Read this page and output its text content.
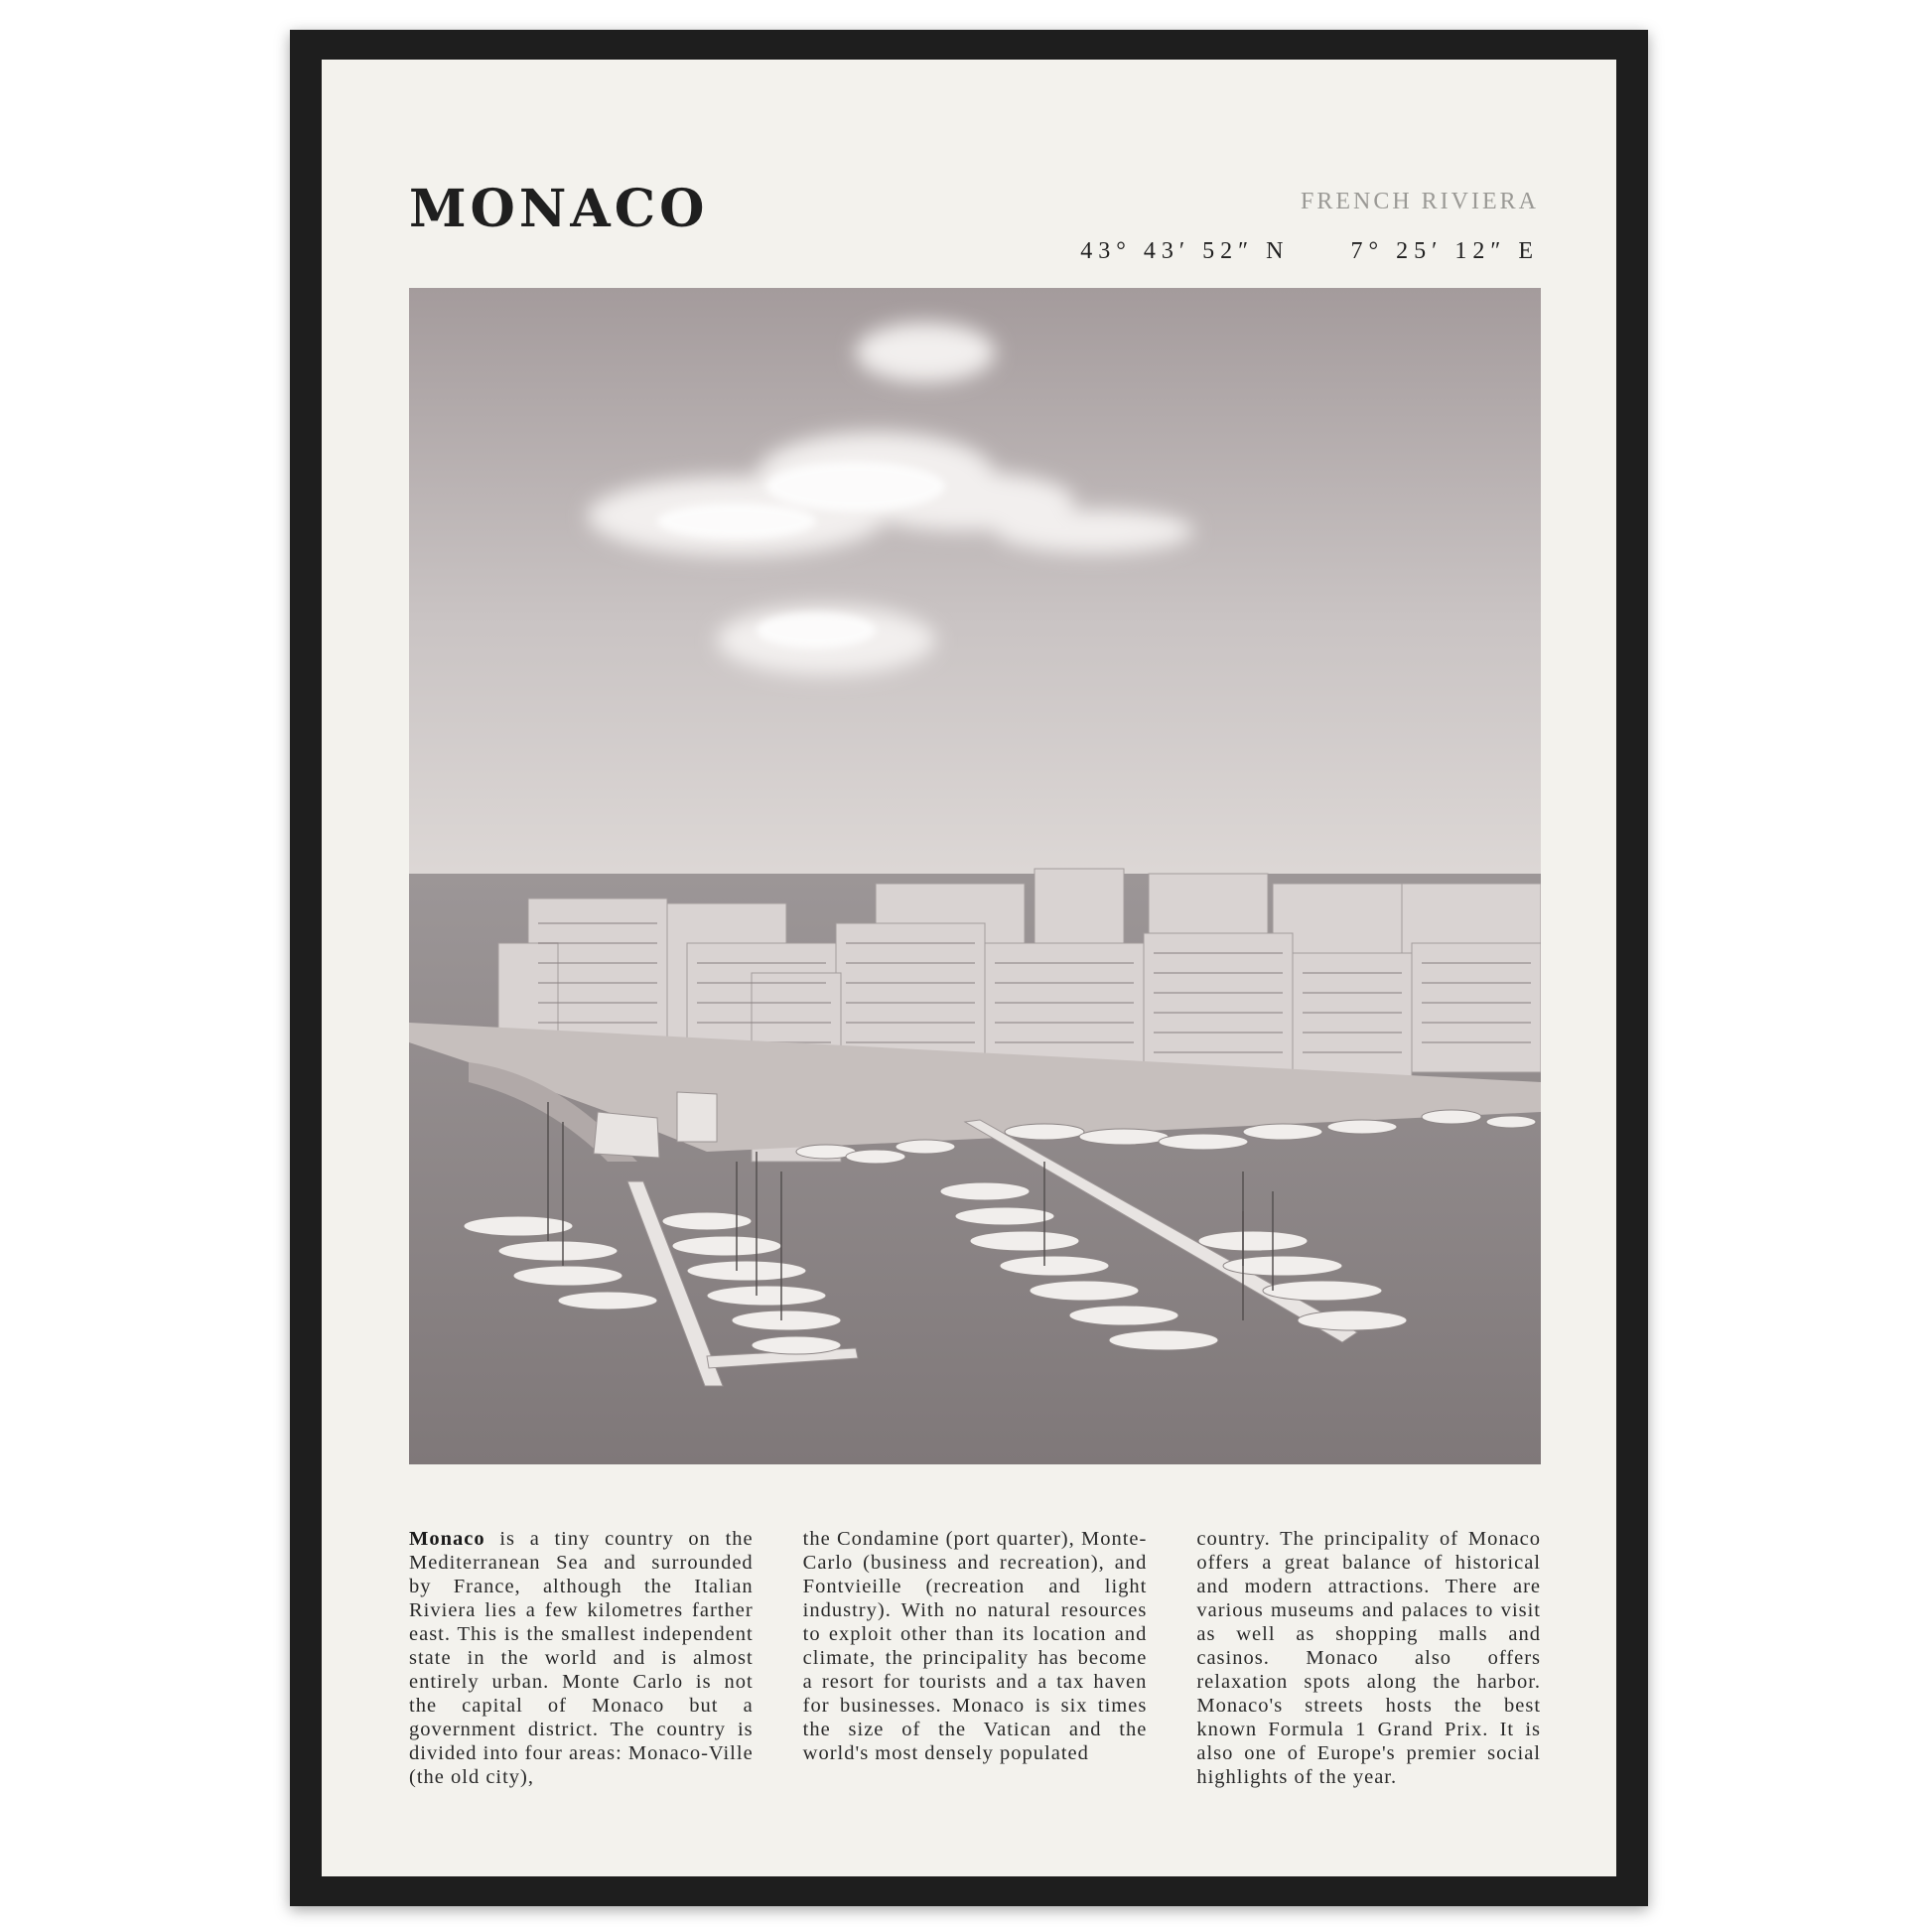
MONACO	FRENCH RIVIERA
43° 43′ 52″ N	7° 25′ 12″ E

Monaco is a tiny country on the Mediterranean Sea and surrounded by France, although the Italian Riviera lies a few kilometres farther east. This is the smallest independent state in the world and is almost entirely urban. Monte Carlo is not the capital of Monaco but a government district. The country is divided into four areas: Monaco-Ville (the old city),

the Condamine (port quarter), Monte-Carlo (business and recreation), and Fontvieille (recreation and light industry). With no natural resources to exploit other than its location and climate, the principality has become a resort for tourists and a tax haven for businesses. Monaco is six times the size of the Vatican and the world's most densely populated

country. The principality of Monaco offers a great balance of historical and modern attractions. There are various museums and palaces to visit as well as shopping malls and casinos. Monaco also offers relaxation spots along the harbor. Monaco's streets hosts the best known Formula 1 Grand Prix. It is also one of Europe's premier social highlights of the year.
